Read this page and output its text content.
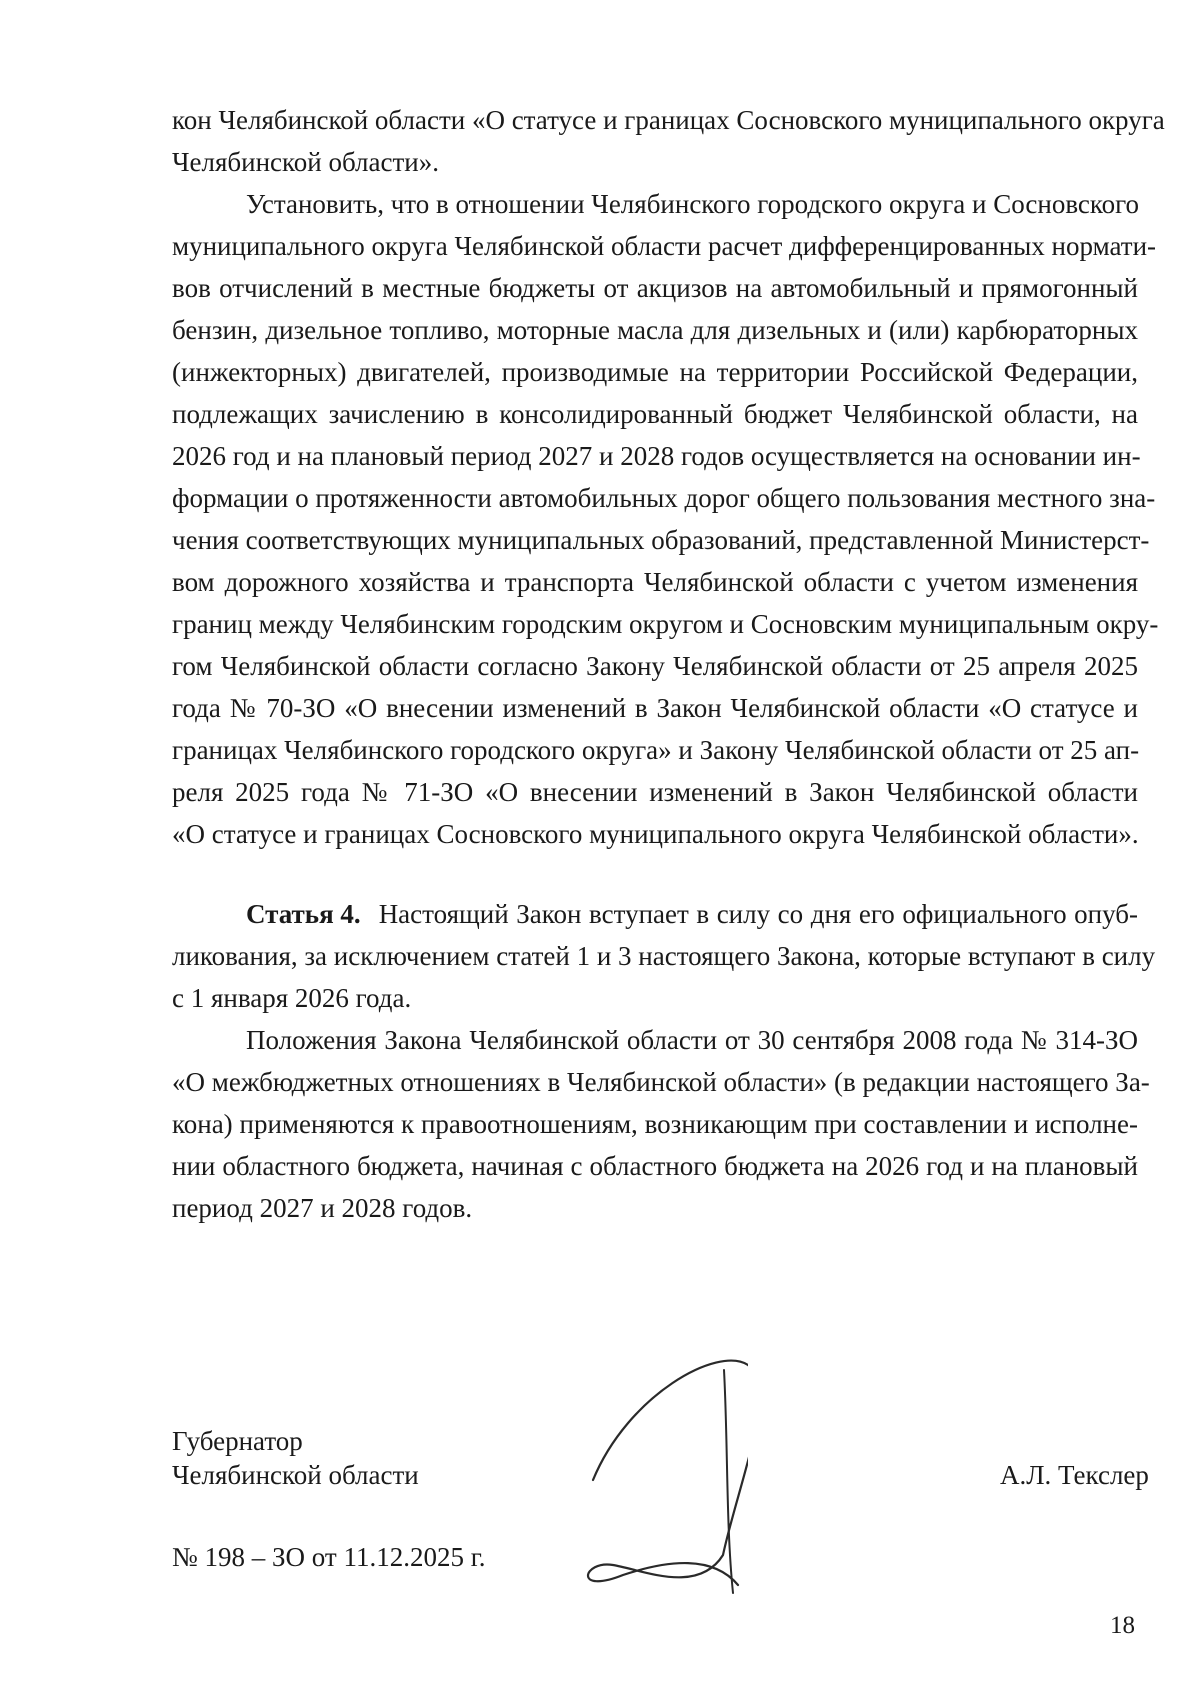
кон Челябинской области «О статусе и границах Сосновского муниципального округа
Челябинской области».
Установить, что в отношении Челябинского городского округа и Сосновского
муниципального округа Челябинской области расчет дифференцированных нормати-
вов отчислений в местные бюджеты от акцизов на автомобильный и прямогонный
бензин, дизельное топливо, моторные масла для дизельных и (или) карбюраторных
(инжекторных) двигателей, производимые на территории Российской Федерации,
подлежащих зачислению в консолидированный бюджет Челябинской области, на
2026 год и на плановый период 2027 и 2028 годов осуществляется на основании ин-
формации о протяженности автомобильных дорог общего пользования местного зна-
чения соответствующих муниципальных образований, представленной Министерст-
вом дорожного хозяйства и транспорта Челябинской области с учетом изменения
границ между Челябинским городским округом и Сосновским муниципальным окру-
гом Челябинской области согласно Закону Челябинской области от 25 апреля 2025
года № 70-ЗО «О внесении изменений в Закон Челябинской области «О статусе и
границах Челябинского городского округа» и Закону Челябинской области от 25 ап-
реля 2025 года № 71-ЗО «О внесении изменений в Закон Челябинской области
«О статусе и границах Сосновского муниципального округа Челябинской области».
Статья 4. Настоящий Закон вступает в силу со дня его официального опуб-
ликования, за исключением статей 1 и 3 настоящего Закона, которые вступают в силу
с 1 января 2026 года.
Положения Закона Челябинской области от 30 сентября 2008 года № 314-ЗО
«О межбюджетных отношениях в Челябинской области» (в редакции настоящего За-
кона) применяются к правоотношениям, возникающим при составлении и исполне-
нии областного бюджета, начиная с областного бюджета на 2026 год и на плановый
период 2027 и 2028 годов.
Губернатор
Челябинской области	А.Л. Текслер
№ 198 – ЗО от 11.12.2025 г.
18
